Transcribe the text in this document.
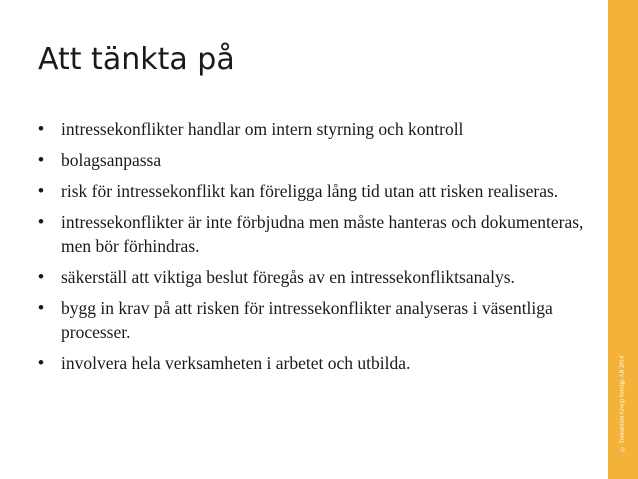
Att tänkta på
• intressekonflikter handlar om intern styrning och kontroll
• bolagsanpassa
• risk för intressekonflikt kan föreligga lång tid utan att risken realiseras.
• intressekonflikter är inte förbjudna men måste hanteras och dokumenteras, men bör förhindras.
• säkerställ att viktiga beslut föregås av en intressekonfliktsanalys.
• bygg in krav på att risken för intressekonflikter analyseras i väsentliga processer.
• involvera hela verksamheten i arbetet och utbilda.	© Transaction Group Sverige AB 2014
